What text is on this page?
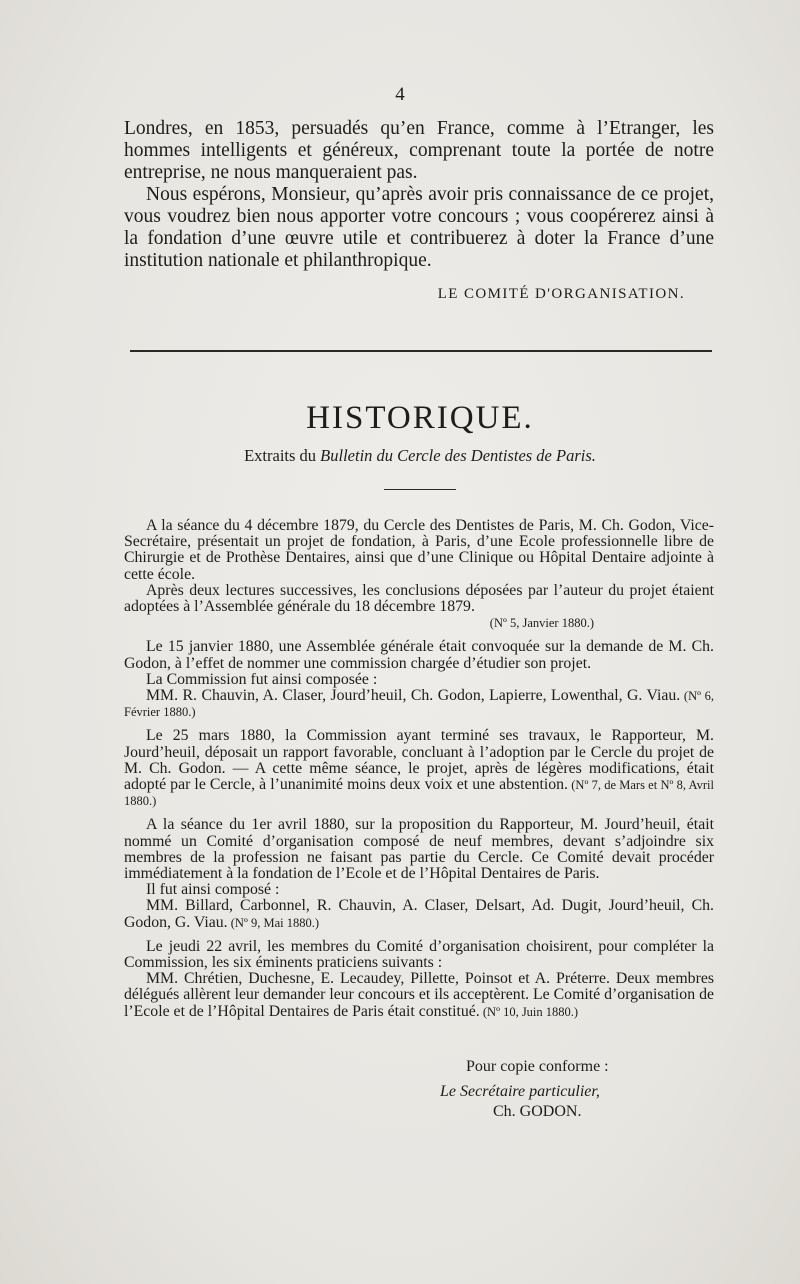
4

Londres, en 1853, persuadés qu’en France, comme à l’Etranger, les hommes intelligents et généreux, comprenant toute la portée de notre entreprise, ne nous manqueraient pas.

Nous espérons, Monsieur, qu’après avoir pris connaissance de ce projet, vous voudrez bien nous apporter votre concours ; vous coopérerez ainsi à la fondation d’une œuvre utile et contribuerez à doter la France d’une institution nationale et philanthropique.

LE COMITÉ D'ORGANISATION.
HISTORIQUE.
Extraits du Bulletin du Cercle des Dentistes de Paris.

A la séance du 4 décembre 1879, du Cercle des Dentistes de Paris, M. Ch. Godon, Vice-Secrétaire, présentait un projet de fondation, à Paris, d’une Ecole professionnelle libre de Chirurgie et de Prothèse Dentaires, ainsi que d’une Clinique ou Hôpital Dentaire adjointe à cette école.

Après deux lectures successives, les conclusions déposées par l’auteur du projet étaient adoptées à l’Assemblée générale du 18 décembre 1879.

(Nº 5, Janvier 1880.)

Le 15 janvier 1880, une Assemblée générale était convoquée sur la demande de M. Ch. Godon, à l’effet de nommer une commission chargée d’étudier son projet.

La Commission fut ainsi composée :

MM. R. Chauvin, A. Claser, Jourd’heuil, Ch. Godon, Lapierre, Lowenthal, G. Viau. (Nº 6, Février 1880.)

Le 25 mars 1880, la Commission ayant terminé ses travaux, le Rapporteur, M. Jourd’heuil, déposait un rapport favorable, concluant à l’adoption par le Cercle du projet de M. Ch. Godon. — A cette même séance, le projet, après de légères modifications, était adopté par le Cercle, à l’unanimité moins deux voix et une abstention. (Nº 7, de Mars et Nº 8, Avril 1880.)

A la séance du 1er avril 1880, sur la proposition du Rapporteur, M. Jourd’heuil, était nommé un Comité d’organisation composé de neuf membres, devant s’adjoindre six membres de la profession ne faisant pas partie du Cercle. Ce Comité devait procéder immédiatement à la fondation de l’Ecole et de l’Hôpital Dentaires de Paris.

Il fut ainsi composé :

MM. Billard, Carbonnel, R. Chauvin, A. Claser, Delsart, Ad. Dugit, Jourd’heuil, Ch. Godon, G. Viau. (Nº 9, Mai 1880.)

Le jeudi 22 avril, les membres du Comité d’organisation choisirent, pour compléter la Commission, les six éminents praticiens suivants :

MM. Chrétien, Duchesne, E. Lecaudey, Pillette, Poinsot et A. Préterre. Deux membres délégués allèrent leur demander leur concours et ils acceptèrent. Le Comité d’organisation de l’Ecole et de l’Hôpital Dentaires de Paris était constitué. (Nº 10, Juin 1880.)

Pour copie conforme :
Le Secrétaire particulier,
Ch. GODON.
